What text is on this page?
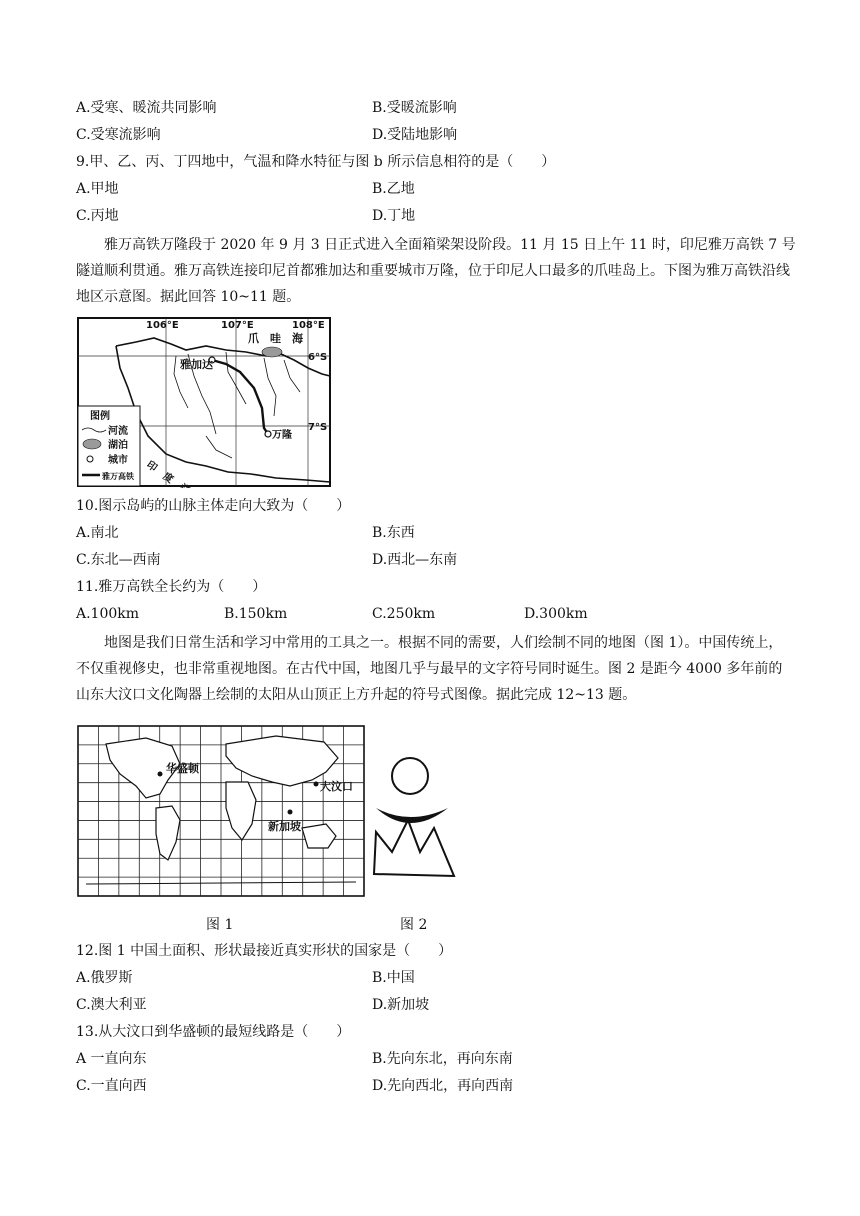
A.受寒、暖流共同影响	B.受暖流影响
C.受寒流影响	D.受陆地影响
9.甲、乙、丙、丁四地中，气温和降水特征与图 b 所示信息相符的是（　　）
A.甲地	B.乙地
C.丙地	D.丁地
雅万高铁万隆段于 2020 年 9 月 3 日正式进入全面箱梁架设阶段。11 月 15 日上午 11 时，印尼雅万高铁 7 号隧道顺利贯通。雅万高铁连接印尼首都雅加达和重要城市万隆，位于印尼人口最多的爪哇岛上。下图为雅万高铁沿线地区示意图。据此回答 10~11 题。
106°E	107°E	108°E
6°S
7°S
爪　哇　海
雅加达
万隆
印　度　洋
图例
河流
湖泊
城市
雅万高铁
10.图示岛屿的山脉主体走向大致为（　　）
A.南北	B.东西
C.东北—西南	D.西北—东南
11.雅万高铁全长约为（　　）
A.100km	B.150km	C.250km	D.300km
地图是我们日常生活和学习中常用的工具之一。根据不同的需要，人们绘制不同的地图（图 1）。中国传统上，不仅重视修史，也非常重视地图。在古代中国，地图几乎与最早的文字符号同时诞生。图 2 是距今 4000 多年前的山东大汶口文化陶器上绘制的太阳从山顶正上方升起的符号式图像。据此完成 12~13 题。
华盛顿
大汶口
新加坡
图 1	图 2
12.图 1 中国土面积、形状最接近真实形状的国家是（　　）
A.俄罗斯	B.中国
C.澳大利亚	D.新加坡
13.从大汶口到华盛顿的最短线路是（　　）
A 一直向东	B.先向东北，再向东南
C.一直向西	D.先向西北，再向西南
